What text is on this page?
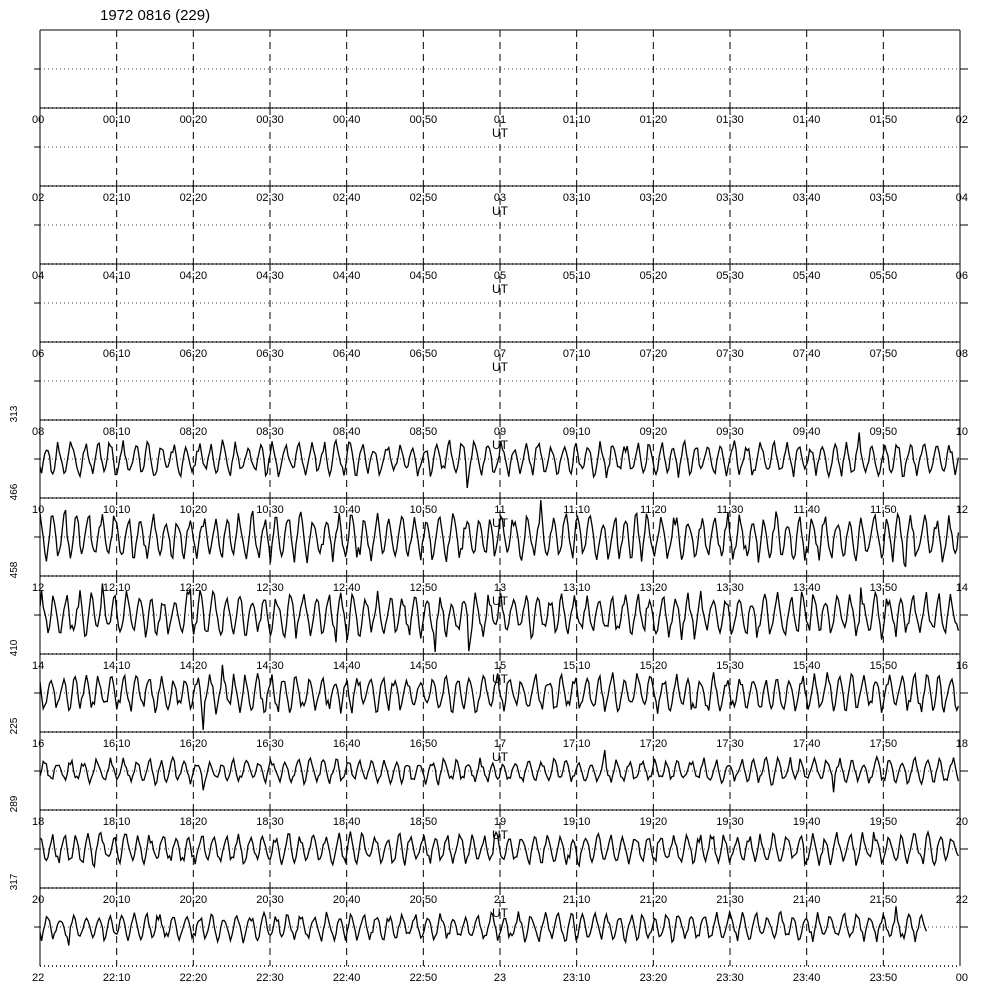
1972 0816 (229)
00	00:10	00:20	00:30	00:40	00:50	01	01:10	01:20	01:30	01:40	01:50	02
UT
02	02:10	02:20	02:30	02:40	02:50	03	03:10	03:20	03:30	03:40	03:50	04
UT
04	04:10	04:20	04:30	04:40	04:50	05	05:10	05:20	05:30	05:40	05:50	06
UT
06	06:10	06:20	06:30	06:40	06:50	07	07:10	07:20	07:30	07:40	07:50	08
UT
08	08:10	08:20	08:30	08:40	08:50	09	09:10	09:20	09:30	09:40	09:50	10
UT
313
10	10:10	10:20	10:30	10:40	10:50	11	11:10	11:20	11:30	11:40	11:50	12
UT
466
12	12:10	12:20	12:30	12:40	12:50	13	13:10	13:20	13:30	13:40	13:50	14
UT
458
14	14:10	14:20	14:30	14:40	14:50	15	15:10	15:20	15:30	15:40	15:50	16
UT
410
16	16:10	16:20	16:30	16:40	16:50	17	17:10	17:20	17:30	17:40	17:50	18
UT
225
18	18:10	18:20	18:30	18:40	18:50	19	19:10	19:20	19:30	19:40	19:50	20
UT
289
20	20:10	20:20	20:30	20:40	20:50	21	21:10	21:20	21:30	21:40	21:50	22
UT
317
22	22:10	22:20	22:30	22:40	22:50	23	23:10	23:20	23:30	23:40	23:50	00
